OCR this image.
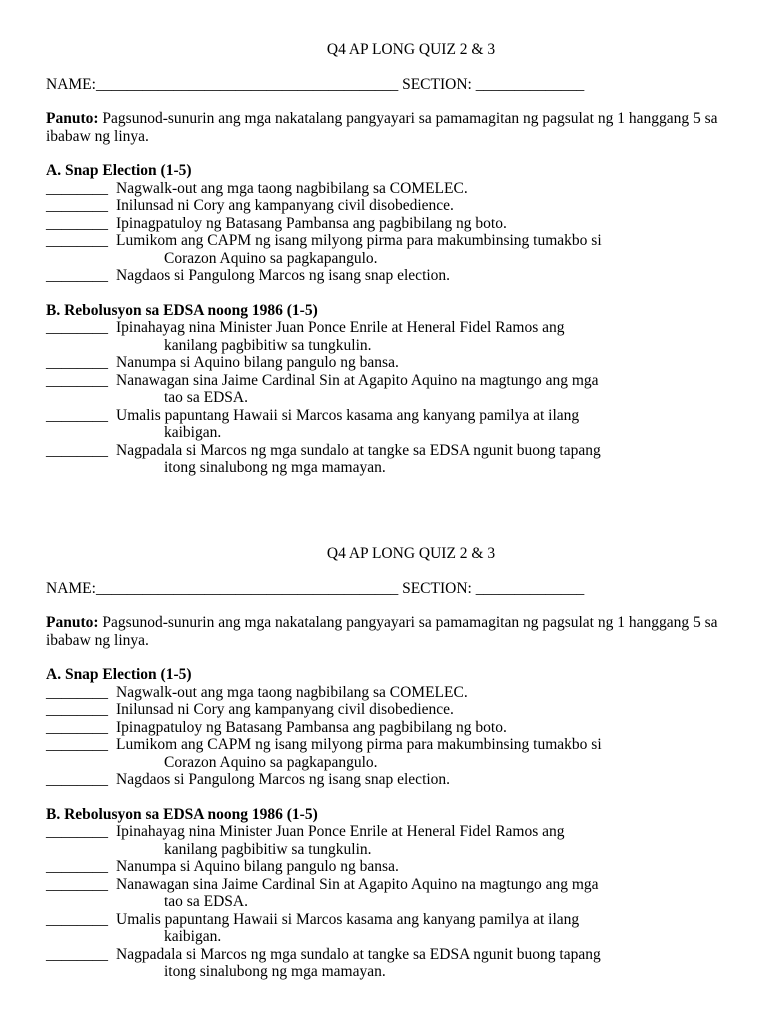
Q4 AP LONG QUIZ 2 & 3
NAME:_______________________________________ SECTION: ______________
Panuto: Pagsunod-sunurin ang mga nakatalang pangyayari sa pamamagitan ng pagsulat ng 1 hanggang 5 sa ibabaw ng linya.
A. Snap Election (1-5)
________ Nagwalk-out ang mga taong nagbibilang sa COMELEC.
________ Inilunsad ni Cory ang kampanyang civil disobedience.
________ Ipinagpatuloy ng Batasang Pambansa ang pagbibilang ng boto.
________ Lumikom ang CAPM ng isang milyong pirma para makumbinsing tumakbo si
Corazon Aquino sa pagkapangulo.
________ Nagdaos si Pangulong Marcos ng isang snap election.
B. Rebolusyon sa EDSA noong 1986 (1-5)
________ Ipinahayag nina Minister Juan Ponce Enrile at Heneral Fidel Ramos ang
kanilang pagbibitiw sa tungkulin.
________ Nanumpa si Aquino bilang pangulo ng bansa.
________ Nanawagan sina Jaime Cardinal Sin at Agapito Aquino na magtungo ang mga
tao sa EDSA.
________ Umalis papuntang Hawaii si Marcos kasama ang kanyang pamilya at ilang
kaibigan.
________ Nagpadala si Marcos ng mga sundalo at tangke sa EDSA ngunit buong tapang
itong sinalubong ng mga mamayan.
Q4 AP LONG QUIZ 2 & 3
NAME:_______________________________________ SECTION: ______________
Panuto: Pagsunod-sunurin ang mga nakatalang pangyayari sa pamamagitan ng pagsulat ng 1 hanggang 5 sa ibabaw ng linya.
A. Snap Election (1-5)
________ Nagwalk-out ang mga taong nagbibilang sa COMELEC.
________ Inilunsad ni Cory ang kampanyang civil disobedience.
________ Ipinagpatuloy ng Batasang Pambansa ang pagbibilang ng boto.
________ Lumikom ang CAPM ng isang milyong pirma para makumbinsing tumakbo si
Corazon Aquino sa pagkapangulo.
________ Nagdaos si Pangulong Marcos ng isang snap election.
B. Rebolusyon sa EDSA noong 1986 (1-5)
________ Ipinahayag nina Minister Juan Ponce Enrile at Heneral Fidel Ramos ang
kanilang pagbibitiw sa tungkulin.
________ Nanumpa si Aquino bilang pangulo ng bansa.
________ Nanawagan sina Jaime Cardinal Sin at Agapito Aquino na magtungo ang mga
tao sa EDSA.
________ Umalis papuntang Hawaii si Marcos kasama ang kanyang pamilya at ilang
kaibigan.
________ Nagpadala si Marcos ng mga sundalo at tangke sa EDSA ngunit buong tapang
itong sinalubong ng mga mamayan.
